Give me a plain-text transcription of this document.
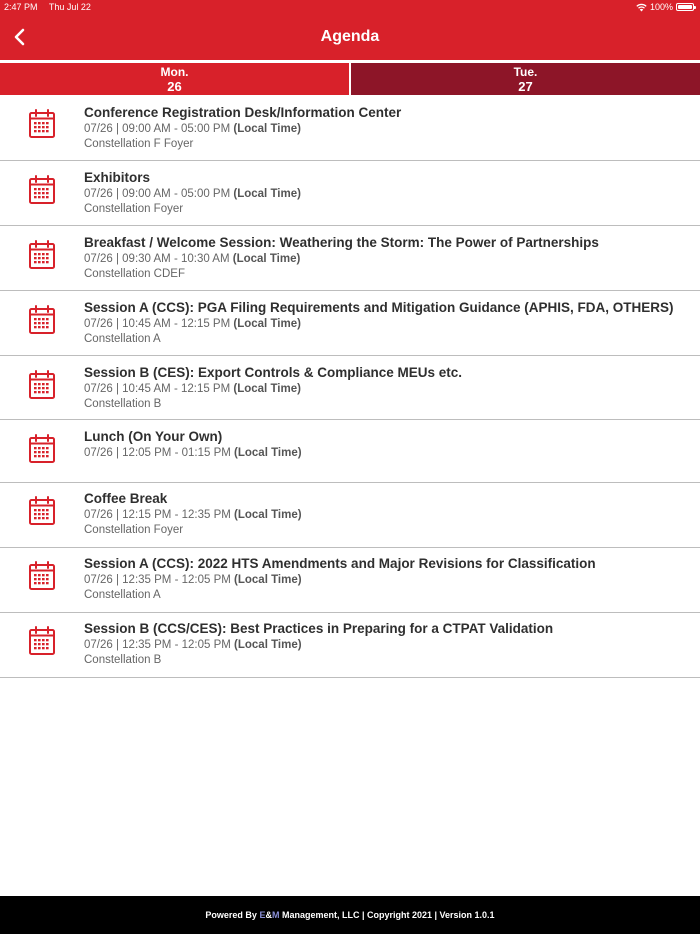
2:47 PM Thu Jul 22	100%
Agenda
Mon.
26
Tue.
27
Conference Registration Desk/Information Center
07/26 | 09:00 AM - 05:00 PM (Local Time)
Constellation F Foyer
Exhibitors
07/26 | 09:00 AM - 05:00 PM (Local Time)
Constellation Foyer
Breakfast / Welcome Session: Weathering the Storm: The Power of Partnerships
07/26 | 09:30 AM - 10:30 AM (Local Time)
Constellation CDEF
Session A (CCS): PGA Filing Requirements and Mitigation Guidance (APHIS, FDA, OTHERS)
07/26 | 10:45 AM - 12:15 PM (Local Time)
Constellation A
Session B (CES): Export Controls & Compliance MEUs etc.
07/26 | 10:45 AM - 12:15 PM (Local Time)
Constellation B
Lunch (On Your Own)
07/26 | 12:05 PM - 01:15 PM (Local Time)
Coffee Break
07/26 | 12:15 PM - 12:35 PM (Local Time)
Constellation Foyer
Session A (CCS): 2022 HTS Amendments and Major Revisions for Classification
07/26 | 12:35 PM - 12:05 PM (Local Time)
Constellation A
Session B (CCS/CES): Best Practices in Preparing for a CTPAT Validation
07/26 | 12:35 PM - 12:05 PM (Local Time)
Constellation B
Powered By
E & M Management, LLC | Copyright 2021 | Version 1.0.1
